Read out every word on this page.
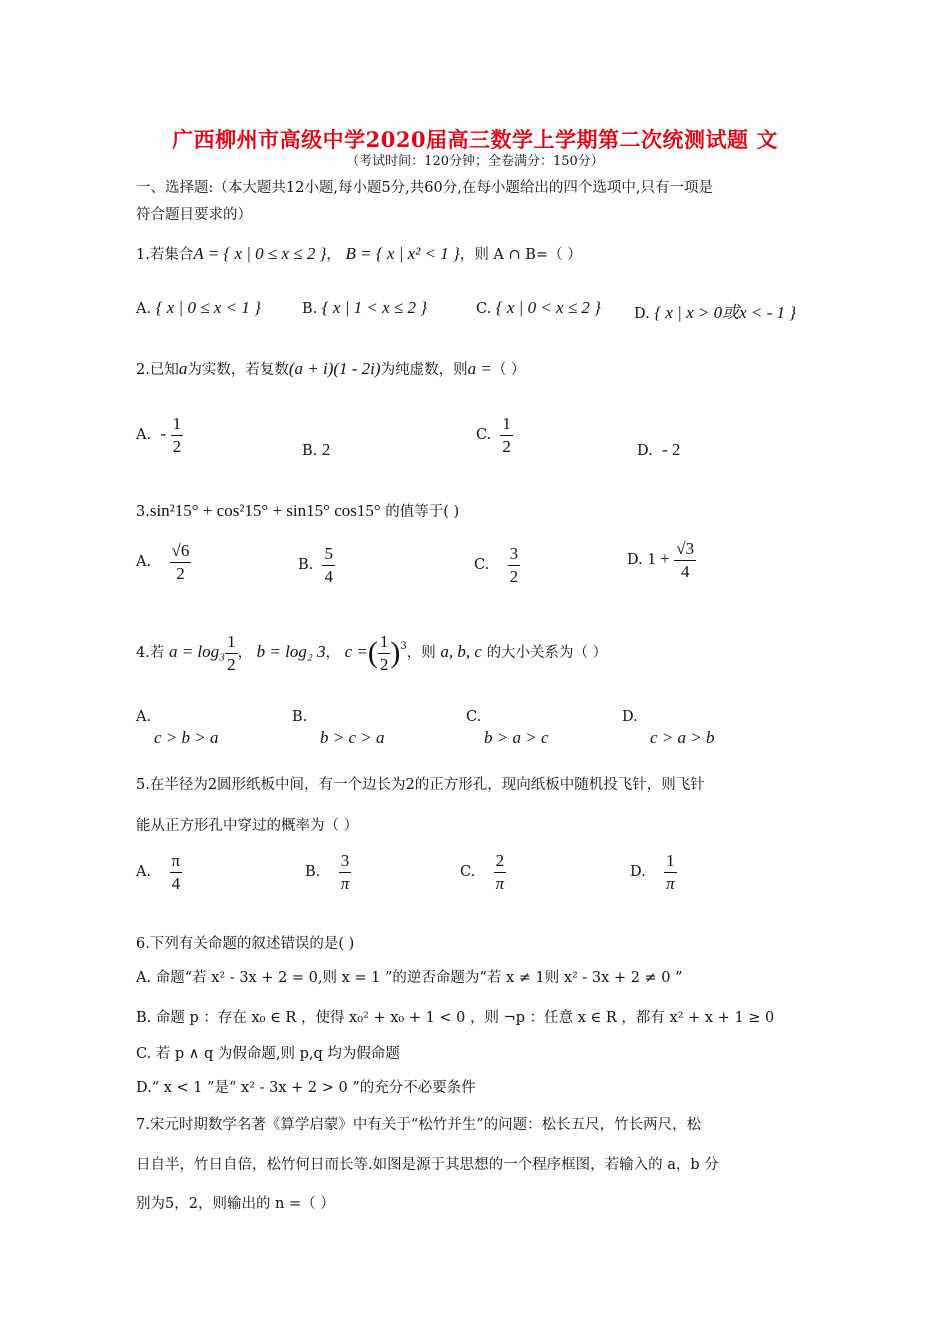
广西柳州市高级中学2020届高三数学上学期第二次统测试题 文
（考试时间：120分钟；全卷满分：150分）
一、选择题:（本大题共12小题,每小题5分,共60分,在每小题给出的四个选项中,只有一项是
符合题目要求的）
1.若集合A = { x | 0 ≤ x ≤ 2 }， B = { x | x² < 1 }，则 A ∩ B=（ ）
A. { x | 0 ≤ x < 1 }	B. { x | 1 < x ≤ 2 }	C. { x | 0 < x ≤ 2 } D. { x | x > 0或x < - 1 }
2.已知a为实数，若复数(a + i)(1 - 2i)为纯虚数，则a =（ ）
A. - $\frac{1}{2}$	B. 2
C. $\frac{1}{2}$	D. - 2
3.sin²15° + cos²15° + sin15° cos15° 的值等于( )
A. $\frac{√6}{2}$	B. $\frac{5}{4}$	C. $\frac{3}{2}$	D. $1 + \frac{√3}{4}$
4.若 $a = \log_3 \frac{1}{2}$ ， b = log₂ 3， c =( $\frac{1}{2} )^3$，则 a, b, c 的大小关系为（ ）
A.
c > b > a
B.
b > c > a
C.
b > a > c
D.
c > a > b
5.在半径为2圆形纸板中间，有一个边长为2的正方形孔，现向纸板中随机投飞针，则飞针
能从正方形孔中穿过的概率为（ ）
A. $\frac{\pi}{4}$	B. $\frac{3}{\pi}$	C. $\frac{2}{\pi}$	D. $\frac{1}{\pi}$
6.下列有关命题的叙述错误的是( )
A. 命题“若 x² - 3x + 2 = 0,则 x = 1 ”的逆否命题为“若 x ≠ 1则 x² - 3x + 2 ≠ 0 ”
B. 命题 p ：存在 x₀ ∈ R ，使得 x₀² + x₀ + 1 < 0 ，则 ¬p ：任意 x ∈ R ，都有 x² + x + 1 ≥ 0
C. 若 p ∧ q 为假命题,则 p,q 均为假命题
D.“ x < 1 ”是“ x² - 3x + 2 > 0 ”的充分不必要条件
7.宋元时期数学名著《算学启蒙》中有关于“松竹并生”的问题：松长五尺，竹长两尺，松
日自半，竹日自倍，松竹何日而长等.如图是源于其思想的一个程序框图，若输入的 a，b 分
别为5，2，则输出的 n =（ ）
